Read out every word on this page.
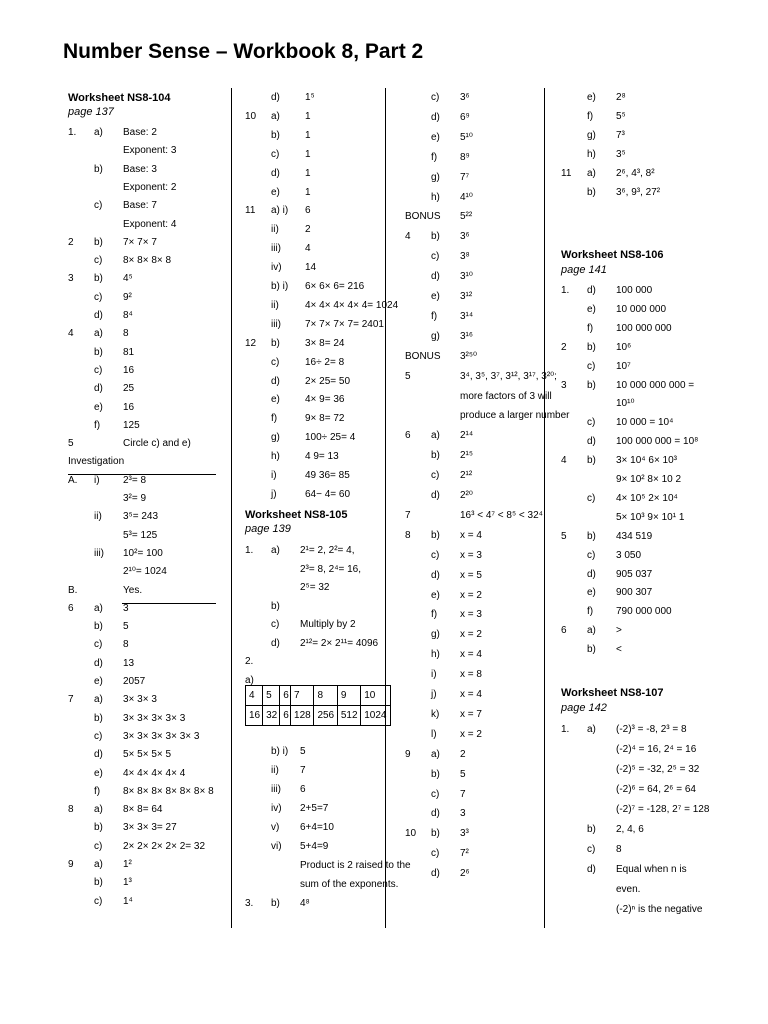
Number Sense – Workbook 8, Part 2
Worksheet NS8-104
page 137
1. a) Base: 2
Exponent: 3
b) Base: 3
Exponent: 2
c) Base: 7
Exponent: 4
2 b) 7× 7× 7
c) 8× 8× 8× 8
3 b) 4⁵
c) 9²
d) 8⁴
4 a) 8
b) 81
c) 16
d) 25
e) 16
f) 125
5	Circle c) and e)
Investigation
A. i) 2³= 8
3²= 9
ii) 3⁵= 243
5³= 125
iii) 10²= 100
2¹⁰= 1024
B.	Yes.
6 a) 3
b) 5
c) 8
d) 13
e) 2057
7 a) 3× 3× 3
b) 3× 3× 3× 3× 3
c) 3× 3× 3× 3× 3× 3
d) 5× 5× 5× 5
e) 4× 4× 4× 4× 4
f) 8× 8× 8× 8× 8× 8× 8
8 a) 8× 8= 64
b) 3× 3× 3= 27
c) 2× 2× 2× 2× 2= 32
9 a) 1²
b) 1³
c) 1⁴
d)	1⁵
10 a)	1
b)	1
c)	1
d)	1
e)	1
11 a) i) 6
ii)	2
iii) 4
iv) 14
b) i) 6× 6× 6= 216
ii)	4× 4× 4× 4× 4= 1024
iii) 7× 7× 7× 7= 2401
12 b)	3× 8= 24
c)	16÷ 2= 8
d)	2× 25= 50
e)	4× 9= 36
f)	9× 8= 72
g)	100÷ 25= 4
h)	4 9= 13
i)	49 36= 85
j)	64− 4= 60
Worksheet NS8-105
page 139
1. a) 2¹= 2, 2²= 4,
2³= 8, 2⁴= 16,
2⁵= 32
b)
c) Multiply by 2
d) 2¹²= 2× 2¹¹= 4096
2.
a)
4	5	6	7	8	9	10
16	32	6	128	256	512	1024
b) i) 5
ii) 7
iii) 6
iv) 2+5=7
v) 6+4=10
vi) 5+4=9
Product is 2 raised to the
sum of the exponents.
3. b) 4⁸
c) 3⁶
d) 6⁹
e) 5¹⁰
f) 8⁹
g) 7⁷
h) 4¹⁰
BONUS 5²²
4 b) 3⁶
c) 3⁸
d) 3¹⁰
e) 3¹²
f) 3¹⁴
g) 3¹⁶
BONUS 3²⁵⁰
5	3⁴, 3⁵, 3⁷, 3¹², 3¹⁷, 3²⁰;
more factors of 3 will
produce a larger number
6 a) 2¹⁴
b) 2¹⁵
c) 2¹²
d) 2²⁰
7	16³ < 4⁷ < 8⁵ < 32⁴
8 b) x = 4
c) x = 3
d) x = 5
e) x = 2
f) x = 3
g) x = 2
h) x = 4
i) x = 8
j) x = 4
k) x = 7
l) x = 2
9 a) 2
b) 5
c) 7
d) 3
10 b) 3³
c) 7²
d) 2⁶
e) 2⁸
f) 5⁵
g) 7³
h) 3⁵
11 a) 2⁶, 4³, 8²
b) 3⁶, 9³, 27²
Worksheet NS8-106
page 141
1. d) 100 000
e) 10 000 000
f) 100 000 000
2 b) 10⁶
c) 10⁷
3 b) 10 000 000 000 =
10¹⁰
c) 10 000 = 10⁴
d) 100 000 000 = 10⁸
4 b) 3× 10⁴ 6× 10³
9× 10² 8× 10 2
c) 4× 10⁵ 2× 10⁴
5× 10³ 9× 10¹ 1
5 b) 434 519
c) 3 050
d) 905 037
e) 900 307
f) 790 000 000
6 a) >
b) <
Worksheet NS8-107
page 142
1. a) (-2)³ = -8, 2³ = 8
(-2)⁴ = 16, 2⁴ = 16
(-2)⁵ = -32, 2⁵ = 32
(-2)⁶ = 64, 2⁶ = 64
(-2)⁷ = -128, 2⁷ = 128
b) 2, 4, 6
c) 8
d) Equal when n is
even.
(-2)ⁿ is the negative
